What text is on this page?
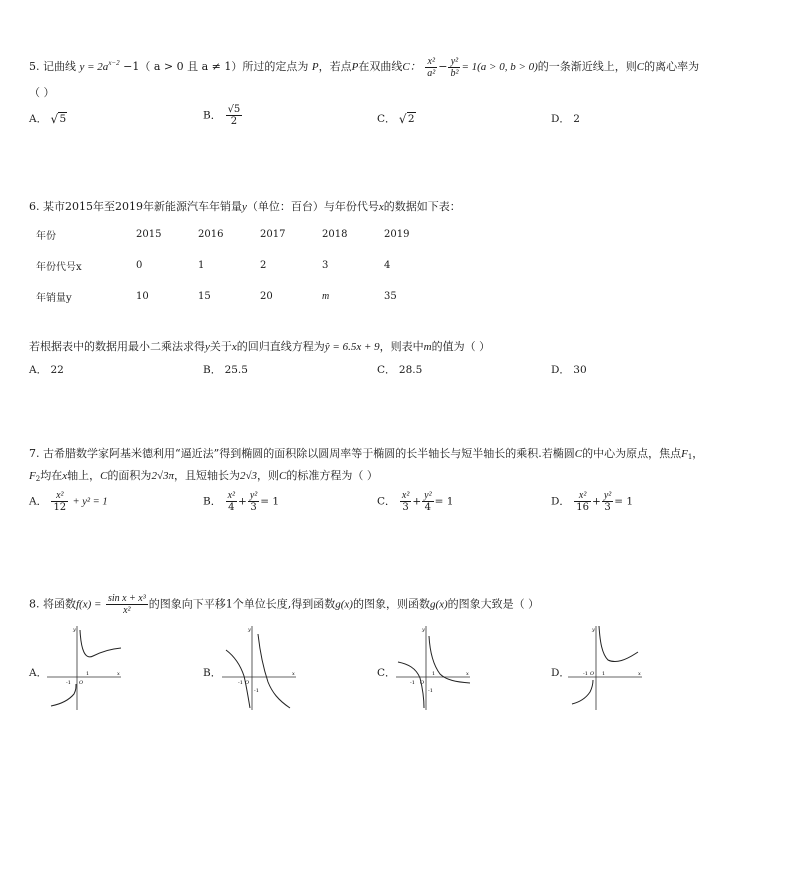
5. 记曲线 $y = 2a^{x-2} -1$（ a > 0 且 a ≠ 1）所过的定点为 P，若点P在双曲线C： $\frac{\text{x²}}{\text{a²}} - \frac{\text{y²}}{\text{b²}} = 1(a > 0$, b > 0)的一条渐近线上，则C的离心率为
（ ）
A． √ 5	B． $\frac{√5}{2}$	C． √ 2	D． 2
6. 某市2015年至2019年新能源汽车年销量y（单位：百台）与年份代号x的数据如下表：
年份	2015	2016	2017	2018	2019
年份代号x	0	1	2	3	4
年销量y	10	15	20	m	35
若根据表中的数据用最小二乘法求得y关于x的回归直线方程为ŷ = 6.5x + 9，则表中m的值为（ ）
A． 22	B． 25.5	C． 28.5	D． 30
7. 古希腊数学家阿基米德利用“逼近法”得到椭圆的面积除以圆周率等于椭圆的长半轴长与短半轴长的乘积.若椭圆C的中心为原点，焦点$F_1$，
$F_2$均在x轴上，C的面积为2√3π，且短轴长为2√3，则C的标准方程为（ ）
A． $\frac{\text{x²}}{12} + y^2 = 1$	B． $\frac{\text{x²}}{4} + \frac{\text{y²}}{3} = 1$	C． $\frac{\text{x²}}{3} + \frac{\text{y²}}{4} = 1$	D． $\frac{\text{x²}}{16} + \frac{\text{y²}}{3} = 1$
8. 将函数$f(x) = \frac{\text{sin x + x³}}{\text{x²}}$ 的图象向下平移1个单位长度,得到函数g(x)的图象，则函数g(x)的图象大致是（ ）
A．	B．	C．	D．
y
x
-1 O
1
y
x
-1 O
-1
y
x
-1 O
1
-1
y
x
-1 O 1
